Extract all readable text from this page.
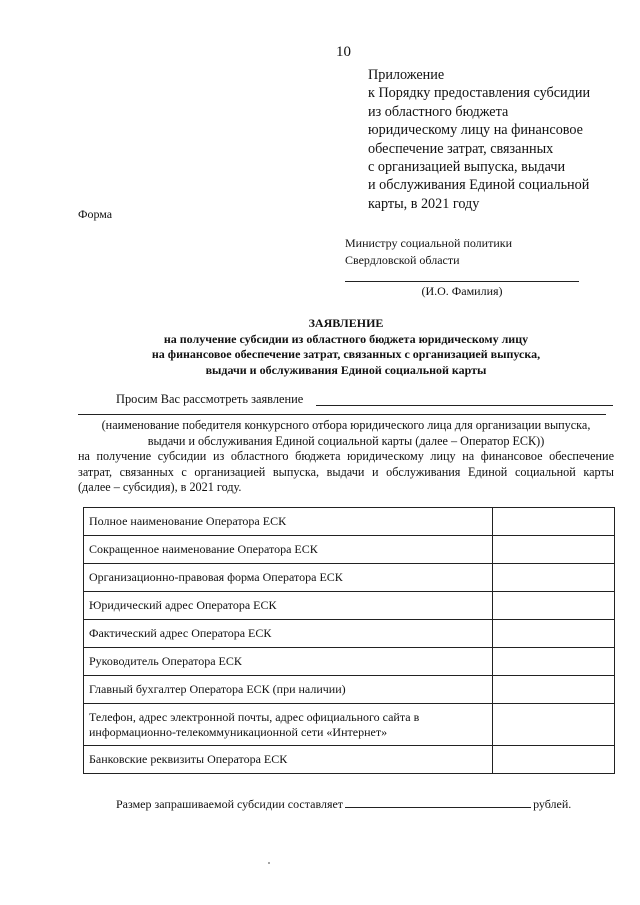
10
Приложение
к Порядку предоставления субсидии
из областного бюджета
юридическому лицу на финансовое
обеспечение затрат, связанных
с организацией выпуска, выдачи
и обслуживания Единой социальной
карты, в 2021 году
Форма
Министру социальной политики
Свердловской области
(И.О. Фамилия)
ЗАЯВЛЕНИЕ
на получение субсидии из областного бюджета юридическому лицу
на финансовое обеспечение затрат, связанных с организацией выпуска,
выдачи и обслуживания Единой социальной карты
Просим Вас рассмотреть заявление
(наименование победителя конкурсного отбора юридического лица для организации выпуска,
выдачи и обслуживания Единой социальной карты (далее – Оператор ЕСК))
на получение субсидии из областного бюджета юридическому лицу на финансовое обеспечение
затрат, связанных с организацией выпуска, выдачи и обслуживания Единой социальной карты
(далее – субсидия), в 2021 году.
Полное наименование Оператора ЕСК	
Сокращенное наименование Оператора ЕСК	
Организационно-правовая форма Оператора ЕСК	
Юридический адрес Оператора ЕСК	
Фактический адрес Оператора ЕСК	
Руководитель Оператора ЕСК	
Главный бухгалтер Оператора ЕСК (при наличии)	
Телефон, адрес электронной почты, адрес официального сайта в информационно-телекоммуникационной сети «Интернет»	
Банковские реквизиты Оператора ЕСК	
Размер запрашиваемой субсидии составляет	рублей.
